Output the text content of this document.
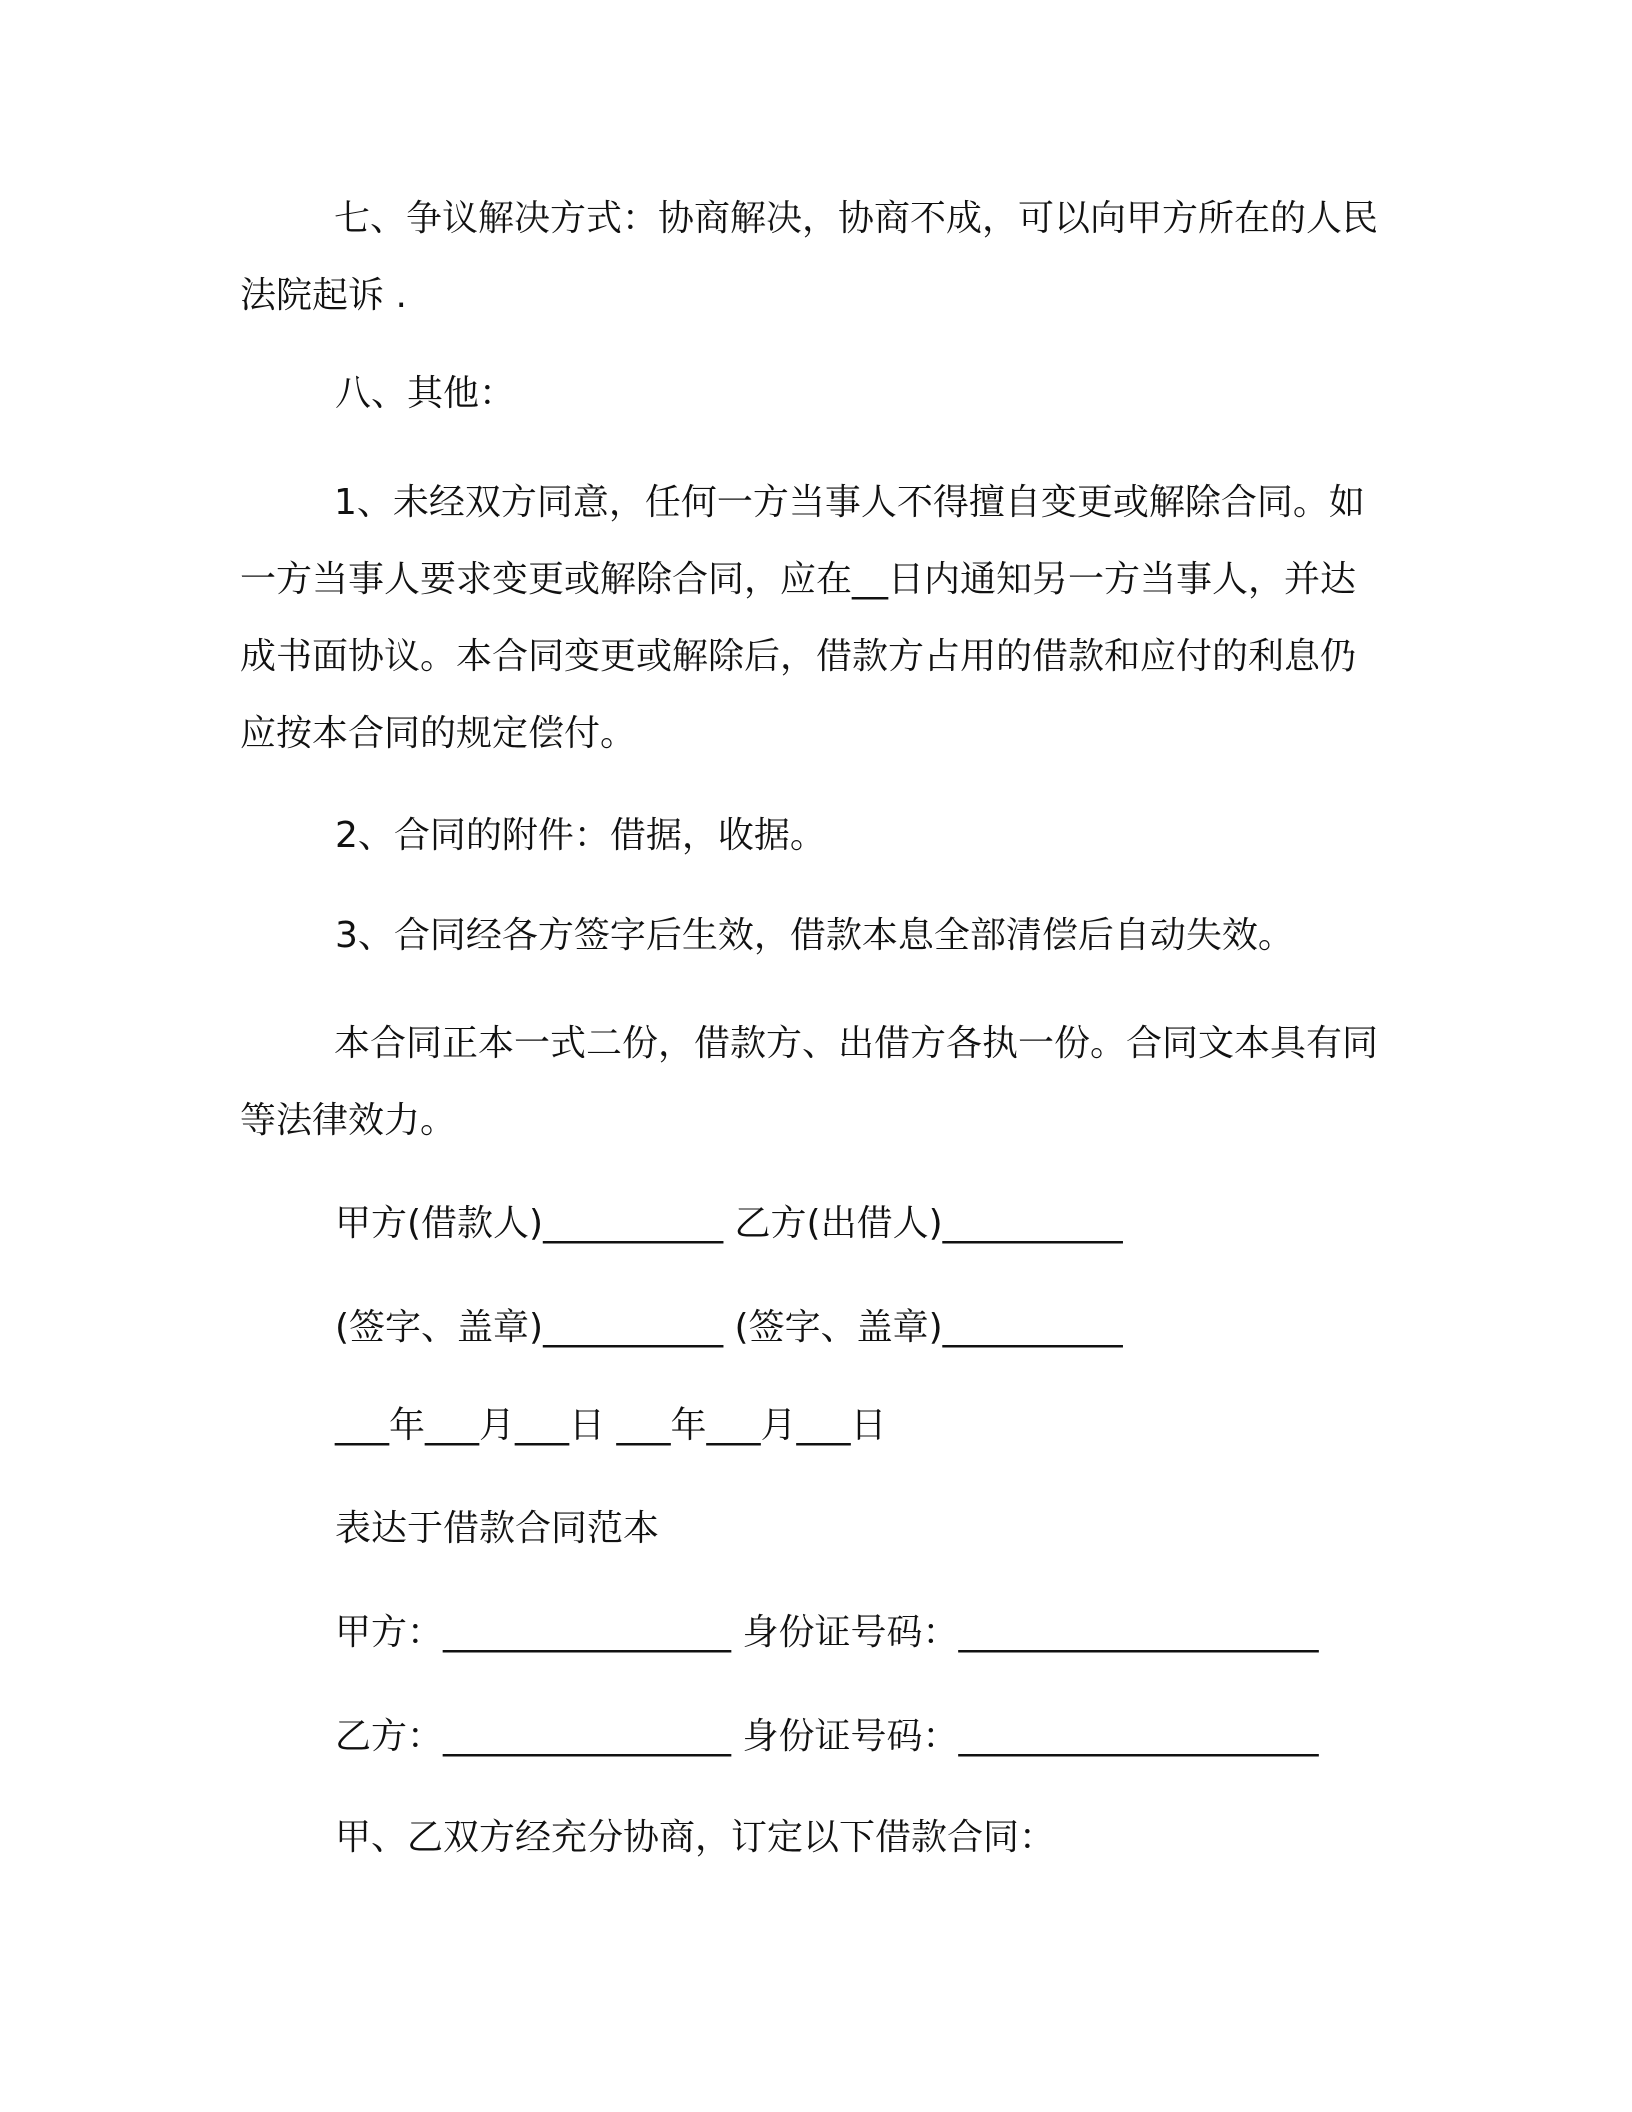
七、争议解决方式：协商解决，协商不成，可以向甲方所在的人民法院起诉 .

八、其他：

1、未经双方同意，任何一方当事人不得擅自变更或解除合同。如一方当事人要求变更或解除合同，应在__日内通知另一方当事人，并达成书面协议。本合同变更或解除后，借款方占用的借款和应付的利息仍应按本合同的规定偿付。

2、合同的附件：借据，收据。

3、合同经各方签字后生效，借款本息全部清偿后自动失效。

本合同正本一式二份，借款方、出借方各执一份。合同文本具有同等法律效力。

甲方(借款人)__________ 乙方(出借人)__________

(签字、盖章)__________ (签字、盖章)__________

___年___月___日 ___年___月___日

表达于借款合同范本

甲方：________________ 身份证号码：____________________

乙方：________________ 身份证号码：____________________

甲、乙双方经充分协商，订定以下借款合同：
